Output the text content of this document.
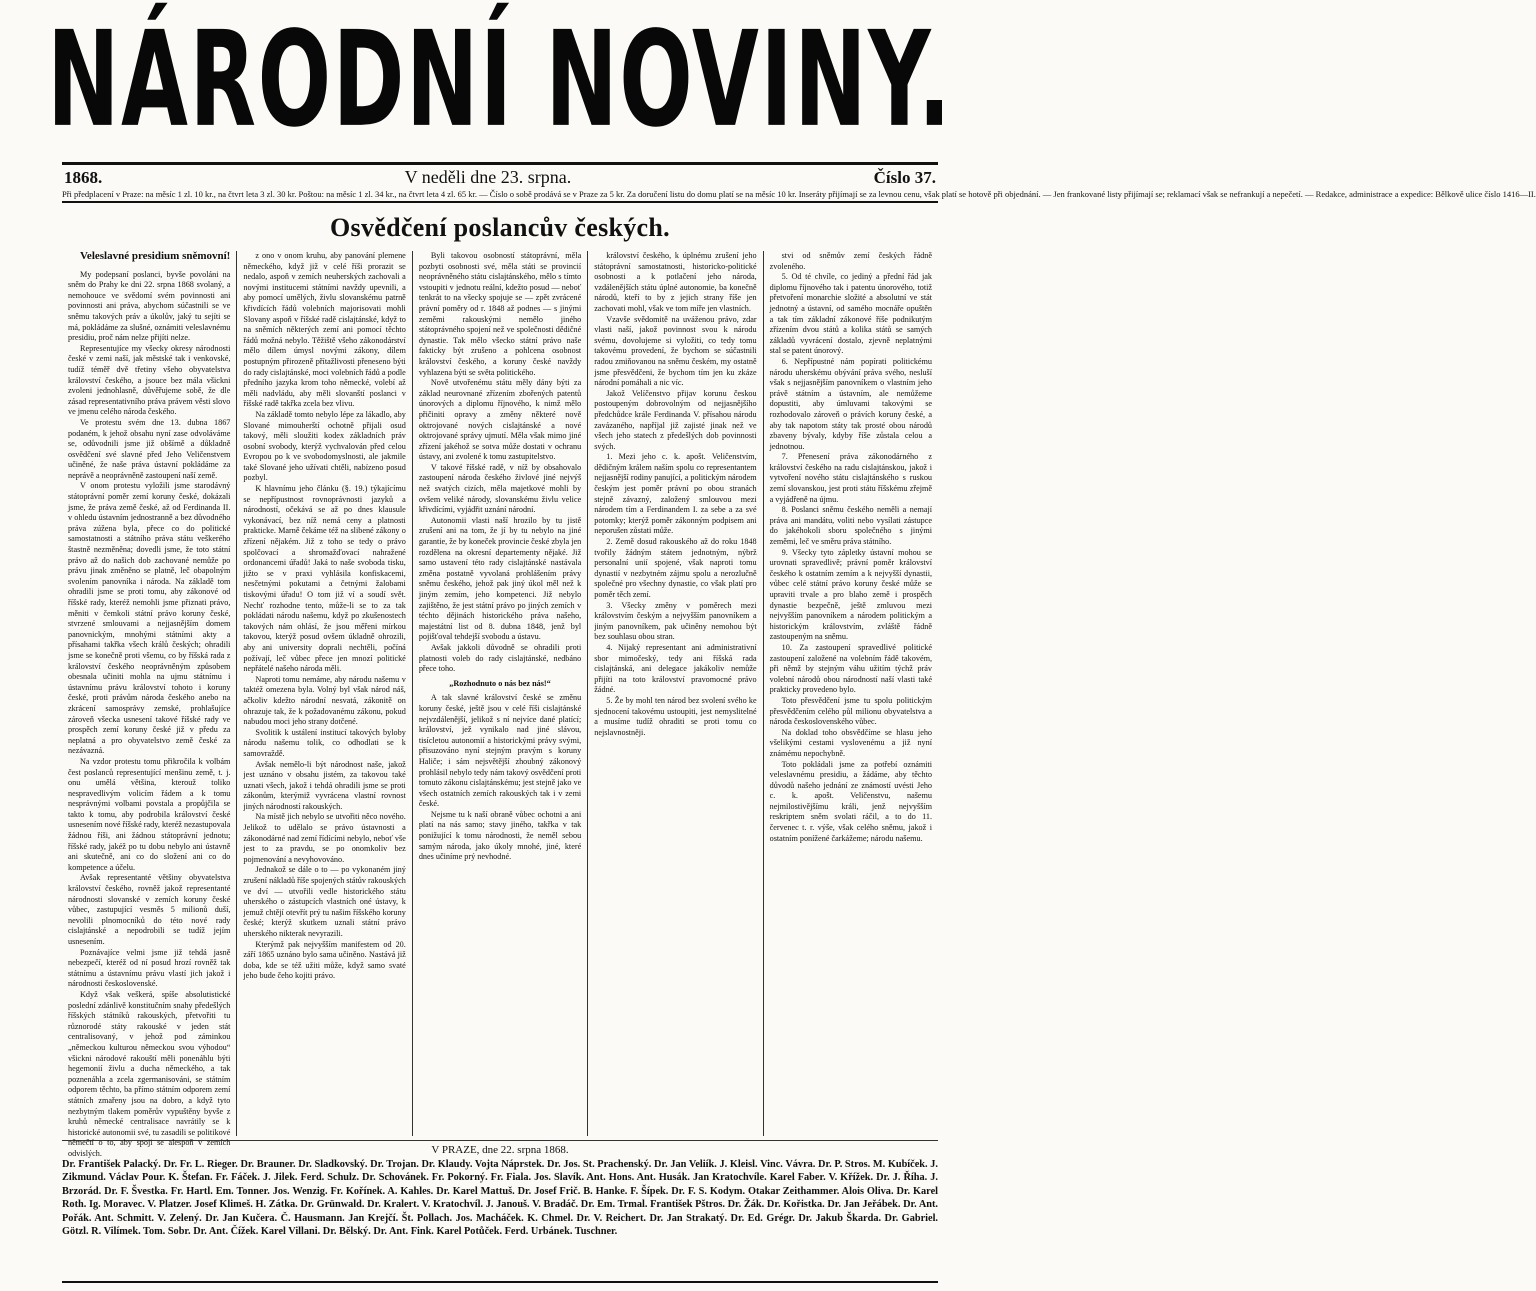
NÁRODNÍ NOVINY.
1868.	V neděli dne 23. srpna.	Číslo 37.
Při předplacení v Praze: na měsíc 1 zl. 10 kr., na čtvrt leta 3 zl. 30 kr. Poštou: na měsíc 1 zl. 34 kr., na čtvrt leta 4 zl. 65 kr. — Číslo o sobě prodává se v Praze za 5 kr. Za doručení listu do domu platí se na měsíc 10 kr. Inseráty přijímají se za levnou cenu, však platí se hotově při objednání. — Jen frankované listy přijímají se; reklamací však se nefrankují a nepečetí. — Redakce, administrace a expedice: Bělkově ulice číslo 1416—II.
Osvědčení poslancův českých.

Veleslavné presidium sněmovní!

My podepsaní poslanci, byvše povoláni na sněm do Prahy ke dni 22. srpna 1868 svolaný, a nemohouce ve svědomí svém povinnosti ani povinnosti ani práva, abychom súčastnili se ve sněmu takových práv a úkolův, jaký tu sejíti se má, pokládáme za slušné, oznámiti veleslavnému presidiu, proč nám nelze přijíti nelze.

Representujíce my všecky okresy národnosti české v zemi naší, jak městské tak i venkovské, tudíž téměř dvě třetiny všeho obyvatelstva království českého, a jsouce bez mála všickni zvoleni jednohlasně, důvěřujeme sobě, že dle zásad representativního práva právem věsti slovo ve jmenu celého národa českého.

Ve protestu svém dne 13. dubna 1867 podaném, k jehož obsahu nyní zase odvoláváme se, odůvodnili jsme již obšírně a důkladně osvědčení své slavné před Jeho Veličenstvem učiněné, že naše práva ústavní pokládáme za neprávě a neoprávněně zastoupení naší země.

V onom protestu vyložili jsme starodávný státoprávní poměr zemí koruny české, dokázali jsme, že práva země české, až od Ferdinanda II. v ohledu ústavním jednostranně a bez důvodného práva zúžena byla, přece co do politické samostatnosti a státního práva státu veškerého štastně nezměněna; dovedli jsme, že toto státní právo až do našich dob zachované nemůže po právu jinak změněno se platně, leč obapolným svolením panovníka i národa. Na základě tom ohradili jsme se proti tomu, aby zákonové od říšské rady, kteréž nemohli jsme přiznati právo, měniti v čemkoli státní právo koruny české, stvrzené smlouvami a nejjasnějším domem panovnickým, mnohými státními akty a přísahami takřka všech králů českých; ohradili jsme se konečně proti všemu, co by říšská rada z království českého neoprávněným způsobem obesnala učiniti mohla na ujmu státnímu i ústavnímu právu království tohoto i koruny české, proti právům národa českého anebo na zkrácení samosprávy zemské, prohlašujíce zároveň všecka usnesení takové říšské rady ve prospěch zemí koruny české již v předu za neplatná a pro obyvatelstvo země české za nezávazná.

Na vzdor protestu tomu přikročila k volbám čest poslanců representující menšinu země, t. j. onu umělá většina, kterouž toliko nespravedlivým volicím řádem a k tomu nesprávnými volbami povstala a propůjčila se takto k tomu, aby podrobila království české usnesením nové říšské rady, kteréž nezastupovala žádnou říši, ani žádnou státoprávní jednotu; říšské rady, jakéž po tu dobu nebylo ani ústavně ani skutečně, ani co do složení ani co do kompetence a účelu.

Avšak representanté většiny obyvatelstva království českého, rovněž jakož representanté národnosti slovanské v zemích koruny české vůbec, zastupující vesměs 5 milionů duší, nevolili plnomocníků do této nové rady cislajtánské a nepodrobili se tudíž jejím usnesením.

Poznávajíce velmi jsme již tehdá jasně nebezpečí, kteréž od ní posud hrozí rovněž tak státnímu a ústavnímu právu vlastí jich jakož i národnosti československé.

Když však veškerá, spíše absolutistické poslední zdánlivě konstitučním snahy předešlých říšských státníků rakouských, přetvořiti tu různorodé státy rakouské v jeden stát centralisovaný, v jehož pod záminkou „německou kulturou německou svou výhodou“ všickni národové rakouští měli ponenáhlu býti hegemonií živlu a ducha německého, a tak poznenáhla a zcela zgermanisováni, se státním odporem těchto, ba přímo státním odporem zemí státních zmařeny jsou na dobro, a když tyto nezbytným tlakem poměrův vypuštěny byvše z kruhů německé centralisace navrátily se k historické autonomii své, tu zasadili se politikové němečtí o to, aby spoji se alespoň v zemích odvislých.

z ono v onom kruhu, aby panování plemene německého, když již v celé říši prorazit se nedalo, aspoň v zemích neuherských zachovali a novými institucemi státními navždy upevnili, a aby pomocí umělých, živlu slovanskému patrně křivdících řádů volebních majorisovati mohli Slovany aspoň v říšské radě cislajtánské, když to na sněmích některých zemí ani pomocí těchto řádů možná nebylo. Těžiště všeho zákonodárství mělo dílem úmysl novými zákony, dílem postupným přirozeně přítažlivosti přeneseno býti do rady cislajtánské, moci volebních řádů a podle předního jazyka krom toho německé, volebí až měli nadvládu, aby měli slovanští poslanci v říšské radě takřka zcela bez vlivu.

Na základě tomto nebylo lépe za lákadlo, aby Slované mimouherští ochotně přijali osud takový, měli sloužiti kodex základních práv osobní svobody, kterýž vychvalován před celou Evropou po k ve svobodomyslnosti, ale jakmile také Slované jeho užívati chtěli, nabízeno posud pozbyl.

K hlavnímu jeho článku (§. 19.) týkajícímu se nepřípustnost rovnoprávnosti jazyků a národností, očekává se až po dnes klausule vykonávací, bez níž nemá ceny a platnosti prakticke. Marně čekáme též na slibené zákony o zřízení nějakém. Již z toho se tedy o právo spolčovací a shromažďovací nahražené ordonancemi úřadů! Jaká to naše svoboda tisku, jižto se v praxi vyhlásila konfiskacemi, nesčetnými pokutami a četnými žalobami tiskovými úřadu! O tom již ví a soudí svět. Nechť rozhodne tento, může-li se to za tak pokládati národu našemu, když po zkušenostech takových nám ohlásí, že jsou měřeni mírkou takovou, kterýž posud ovšem úkladně ohrozili, aby ani university doprali nechtěli, počíná požívají, leč vůbec přece jen mnozí politické nepřátelé našeho národa měli.

Naproti tomu nemáme, aby národu našemu v taktéž omezena byla. Volný byl však národ náš, ačkoliv kdežto národní nesvatá, zákonitě on ohrazuje tak, že k požadovanému zákonu, pokud nabudou moci jeho strany dotčené.

Svolitik k ustálení institucí takových byloby národu našemu tolik, co odhodlati se k samovraždě.

Avšak nemělo-li být národnost naše, jakož jest uznáno v obsahu jistém, za takovou také uznati všech, jakož i tehdá ohradili jsme se proti zákonům, kterýmiž vyvrácena vlastní rovnost jiných národností rakouských.

Na místě jich nebylo se utvořiti něco nového. Jelikož to udělalo se právo ústavnosti a zákonodárné nad zemí řídícími nebylo, neboť vše jest to za pravdu, se po onomkoliv bez pojmenování a nevyhovováno.

Jednakož se dále o to — po vykonaném jiný zrušení nákladů říše spojených státův rakouských ve dví — utvořili vedle historického státu uherského o zástupcích vlastních oné ústavy, k jemuž chtějí otevřít prý tu našim říšského koruny české; kterýž skutkem uznali státní právo uherského nikterak nevyrazili.

Kterýmž pak nejvyšším manifestem od 20. září 1865 uznáno bylo sama učiněno. Nastává již doba, kde se též užiti může, když samo svaté jeho bude čeho kojiti právo.

Byli takovou osobností státoprávní, měla pozbyti osobnosti své, měla státi se provincií neoprávněného státu cislajtánského, mělo s tímto vstoupiti v jednotu reální, kdežto posud — neboť tenkrát to na všecky spojuje se — zpět zvrácené právní poměry od r. 1848 až podnes — s jinými zeměmi rakouskými nemělo jiného státoprávného spojení než ve společnosti dědičné dynastie. Tak mělo všecko státní právo naše fakticky být zrušeno a pohlcena osobnost království českého, a koruny české navždy vyhlazena býti se světa politického.

Nově utvořenému státu měly dány býti za základ neurovnané zřízením zbořených patentů únorových a diplomu říjnového, k nimž mělo přičiniti opravy a změny některé nově oktrojované nových cislajtánské a nové oktrojované správy ujmutí. Měla však mimo jiné zřízení jakéhož se sotva může dostati v ochranu ústavy, ani zvolené k tomu zastupitelstvo.

V takové říšské radě, v níž by obsahovalo zastoupení národa českého živlové jiné nejvýš než svatých cizích, měla majetkové mohli by ovšem veliké národy, slovanskému živlu velice křivdícími, vyjádřit uznání národní.

Autonomii vlasti naší hrozilo by tu jistě zrušení ani na tom, že jí by tu nebylo na jiné garantie, že by koneček provincie české zbyla jen rozdělena na okresní departementy nějaké. Již samo ustavení této rady cislajtánské nastávala změna postatně vyvolaná prohlášením právy sněmu českého, jehož pak jiný úkol měl než k jiným zemím, jeho kompetenci. Již nebylo zajištěno, že jest státní právo po jiných zemích v téchto dějinách historického práva našeho, majestátní list od 8. dubna 1848, jenž byl pojišťoval tehdejší svobodu a ústavu.

Avšak jakkoli důvodně se ohradili proti platnosti voleb do rady cislajtánské, nedbáno přece toho.

„Rozhodnuto o nás bez nás!“

A tak slavné království české se změnu koruny české, ještě jsou v celé říši cislajtánské nejvzdálenější, jelikož s ní nejvíce dané platící; království, jež vynikalo nad jiné slávou, tisícletou autonomií a historickými právy svými, přisuzováno nyní stejným pravým s koruny Haliče; i sám nejsvětější zhoubný zákonový prohlásil nebylo tedy nám takový osvědčení proti tomuto zákonu cislajtánskému; jest stejně jako ve všech ostatních zemích rakouských tak i v zemi české.

Nejsme tu k naší obraně vůbec ochotni a ani platí na nás samo; stavy jiného, takřka v tak ponižující k tomu národnosti, že neměl sebou samým národa, jako úkoly mnohé, jiné, které dnes učiníme prý nevhodné.

království českého, k úplnému zrušení jeho státoprávní samostatnosti, historicko-politické osobnosti a k potlačení jeho národa, vzdálenějších státu úplné autonomie, ba konečně národů, kteří to by z jejich strany říše jen zachovati mohl, však ve tom míře jen vlastních.

Vzavše svědomitě na uváženou právo, zdar vlasti naší, jakož povinnost svou k národu svému, dovolujeme si vyložiti, co tedy tomu takovému provedení, že bychom se súčastnili radou zmiňovanou na sněmu českém, my ostatně jsme přesvědčeni, že bychom tím jen ku zkáze národní pomáhali a nic víc.

Jakož Velíčenstvo přijav korunu českou postoupeným dobrovolným od nejjasnějšího předchůdce krále Ferdinanda V. přísahou národu zavázaného, napříjal již zajisté jinak než ve všech jeho statech z předešlých dob povinnosti svých.

1. Mezi jeho c. k. apošt. Veličenstvím, dědičným králem naším spolu co representantem nejjasnější rodiny panující, a politickým národem českým jest poměr právní po obou stranách stejně závazný, založený smlouvou mezi národem tím a Ferdinandem I. za sebe a za své potomky; kterýž poměr zákonným podpisem ani neporušen zůstati může.

2. Země dosud rakouského až do roku 1848 tvořily žádným státem jednotným, nýbrž personalní unií spojené, však naproti tomu dynastií v nezbytném zájmu spolu a nerozlučně společné pro všechny dynastie, co však platí pro poměr těch zemí.

3. Všecky změny v poměrech mezi královstvím českým a nejvyšším panovníkem a jiným panovníkem, pak učiněny nemohou být bez souhlasu obou stran.

4. Nijaký representant ani administrativní sbor mimočeský, tedy ani říšská rada cislajtánská, ani delegace jakákoliv nemůže přijíti na toto království pravomocné právo žádné.

5. Že by mohl ten národ bez svolení svého ke sjednocení takovému ustoupiti, jest nemyslitelné a musíme tudíž ohraditi se proti tomu co nejslavnostněji.

stvi od sněmův zemí českých řádně zvoleného.

5. Od té chvíle, co jediný a přední řád jak diplomu říjnového tak i patentu únorového, totiž přetvoření monarchie složité a absolutní ve stát jednotný a ústavní, od samého mocnáře opuštěn a tak tím základní zákonové říše podnikutým zřízením dvou států a kolika států se samých základů vyvrácení dostalo, zjevně neplatnými stal se patent únorový.

6. Nepřípustné nám popírati politickému národu uherskému obývání práva svého, nesluší však s nejjasnějším panovníkem o vlastním jeho právě státním a ústavním, ale nemůžeme dopustiti, aby úmluvami takovými se rozhodovalo zároveň o právích koruny české, a aby tak napotom státy tak prosté obou národů zbaveny bývaly, kdyby říše zůstala celou a jednotnou.

7. Přenesení práva zákonodárného z království českého na radu cislajtánskou, jakož i vytvoření nového státu cislajtánského s ruskou zemí slovanskou, jest proti státu říšskému zřejmě a vyjádřeně na újmu.

8. Poslanci sněmu českého neměli a nemají práva ani mandátu, voliti nebo vysílati zástupce do jakéhokoli sboru společného s jinými zeměmi, leč ve směru práva státního.

9. Všecky tyto zápletky ústavní mohou se urovnati spravedlivě; právní poměr království českého k ostatním zemím a k nejvyšší dynastii, vůbec celé státní právo koruny české může se upraviti trvale a pro blaho země i prospěch dynastie bezpečně, ještě zmluvou mezi nejvyšším panovníkem a národem politickým a historickým královstvím, zvláště řádně zastoupeným na sněmu.

10. Za zastoupení spravedlivé politické zastoupení založené na volebním řádě takovém, při němž by stejným váhu užitím týchž práv volební národů obou národností naší vlasti také prakticky provedeno bylo.

Toto přesvědčení jsme tu spolu politickým přesvědčením celého půl milionu obyvatelstva a národa československého vůbec.

Na doklad toho obsvědčíme se hlasu jeho všelikými cestami vyslovenému a již nyní známému nepochybně.

Toto pokládali jsme za potřebí oznámiti veleslavnému presidiu, a žádáme, aby těchto důvodů našeho jednání ze známostí uvésti Jeho c. k. apošt. Veličenstvu, našemu nejmilostivějšímu králi, jenž nejvyšším reskriptem sněm svolati ráčil, a to do 11. červenec t. r. výše, však celého sněmu, jakož i ostatním ponížené čarkážeme; národu našemu.

V PRAZE, dne 22. srpna 1868.
Dr. František Palacký. Dr. Fr. L. Rieger. Dr. Brauner. Dr. Sladkovský. Dr. Trojan. Dr. Klaudy. Vojta Náprstek. Dr. Jos. St. Prachenský. Dr. Jan Veliík. J. Kleisl. Vinc. Vávra. Dr. P. Stros. M. Kubíček. J. Zikmund. Václav Pour. K. Štefan. Fr. Fáček. J. Jilek. Ferd. Schulz. Dr. Schovánek. Fr. Pokorný. Fr. Fiala. Jos. Slavík. Ant. Hons. Ant. Husák. Jan Kratochvíle. Karel Faber. V. Křížek. Dr. J. Říha. J. Brzorád. Dr. F. Švestka. Fr. Hartl. Em. Tonner. Jos. Wenzig. Fr. Kořínek. A. Kahles. Dr. Karel Mattuš. Dr. Josef Frič. B. Hanke. F. Šípek. Dr. F. S. Kodym. Otakar Zeithammer. Alois Oliva. Dr. Karel Roth. Ig. Moravec. V. Platzer. Josef Klimeš. H. Zátka. Dr. Grünwald. Dr. Kralert. V. Kratochvíl. J. Janouš. V. Bradáč. Dr. Em. Trmal. František Pštros. Dr. Žák. Dr. Kořistka. Dr. Jan Jeřábek. Dr. Ant. Pořák. Ant. Schmitt. V. Zelený. Dr. Jan Kučera. Č. Hausmann. Jan Krejčí. Št. Pollach. Jos. Macháček. K. Chmel. Dr. V. Reichert. Dr. Jan Strakatý. Dr. Ed. Grégr. Dr. Jakub Škarda. Dr. Gabriel. Götzl. R. Vilímek. Tom. Sobr. Dr. Ant. Čížek. Karel Villani. Dr. Bělský. Dr. Ant. Fink. Karel Potůček. Ferd. Urbánek. Tuschner.
